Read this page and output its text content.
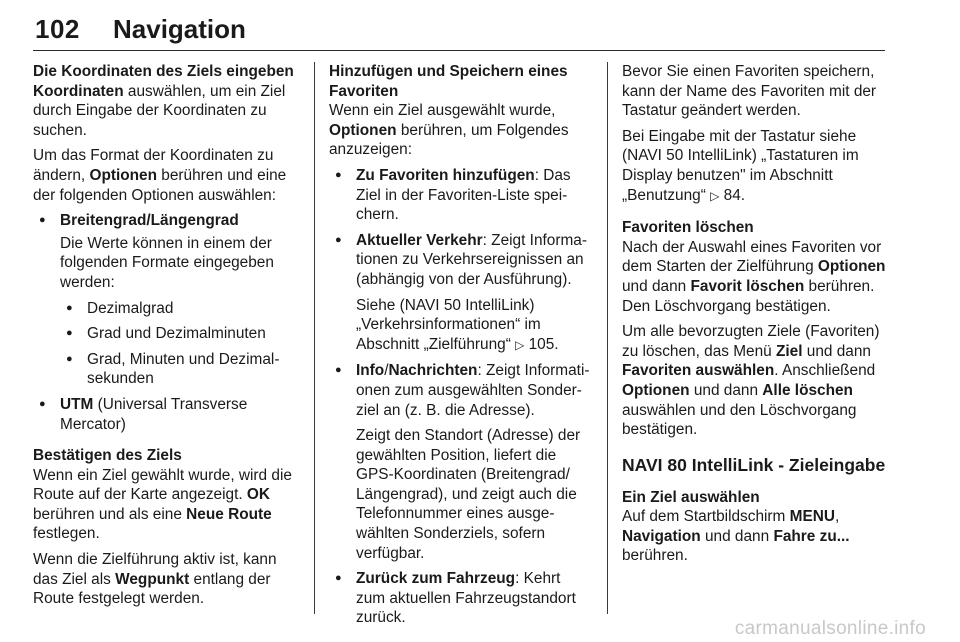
102 Navigation

Die Koordinaten des Ziels eingeben Koordinaten auswählen, um ein Ziel durch Eingabe der Koordinaten zu suchen.

Um das Format der Koordinaten zu ändern, Optionen berühren und eine der folgenden Optionen auswählen:

● Breitengrad/Längengrad
Die Werte können in einem der folgenden Formate eingegeben werden:
● Dezimalgrad
● Grad und Dezimalminuten
● Grad, Minuten und Dezimalsekunden
● UTM (Universal Transverse Mercator)
Bestätigen des Ziels

Wenn ein Ziel gewählt wurde, wird die Route auf der Karte angezeigt. OK berühren und als eine Neue Route festlegen.

Wenn die Zielführung aktiv ist, kann das Ziel als Wegpunkt entlang der Route festgelegt werden.

Hinzufügen und Speichern eines Favoriten

Wenn ein Ziel ausgewählt wurde, Optionen berühren, um Folgendes anzuzeigen:

● Zu Favoriten hinzufügen: Das Ziel in der Favoriten-Liste speichern.
● Aktueller Verkehr: Zeigt Informationen zu Verkehrsereignissen an (abhängig von der Ausführung).
Siehe (NAVI 50 IntelliLink) „Verkehrsinformationen“ im Abschnitt „Zielführung“ ▷ 105.
● Info/Nachrichten: Zeigt Informationen zum ausgewählten Sonderziel an (z. B. die Adresse).
Zeigt den Standort (Adresse) der gewählten Position, liefert die GPS-Koordinaten (Breitengrad/ Längengrad), und zeigt auch die Telefonnummer eines ausgewählten Sonderziels, sofern verfügbar.
● Zurück zum Fahrzeug: Kehrt zum aktuellen Fahrzeugstandort zurück.

Bevor Sie einen Favoriten speichern, kann der Name des Favoriten mit der Tastatur geändert werden.

Bei Eingabe mit der Tastatur siehe (NAVI 50 IntelliLink) „Tastaturen im Display benutzen" im Abschnitt „Benutzung“ ▷ 84.

Favoriten löschen

Nach der Auswahl eines Favoriten vor dem Starten der Zielführung Optionen und dann Favorit löschen berühren. Den Löschvorgang bestätigen.

Um alle bevorzugten Ziele (Favoriten) zu löschen, das Menü Ziel und dann Favoriten auswählen. Anschließend Optionen und dann Alle löschen auswählen und den Löschvorgang bestätigen.

NAVI 80 IntelliLink - Zieleingabe
Ein Ziel auswählen

Auf dem Startbildschirm MENU, Navigation und dann Fahre zu... berühren.

carmanualsonline.info
